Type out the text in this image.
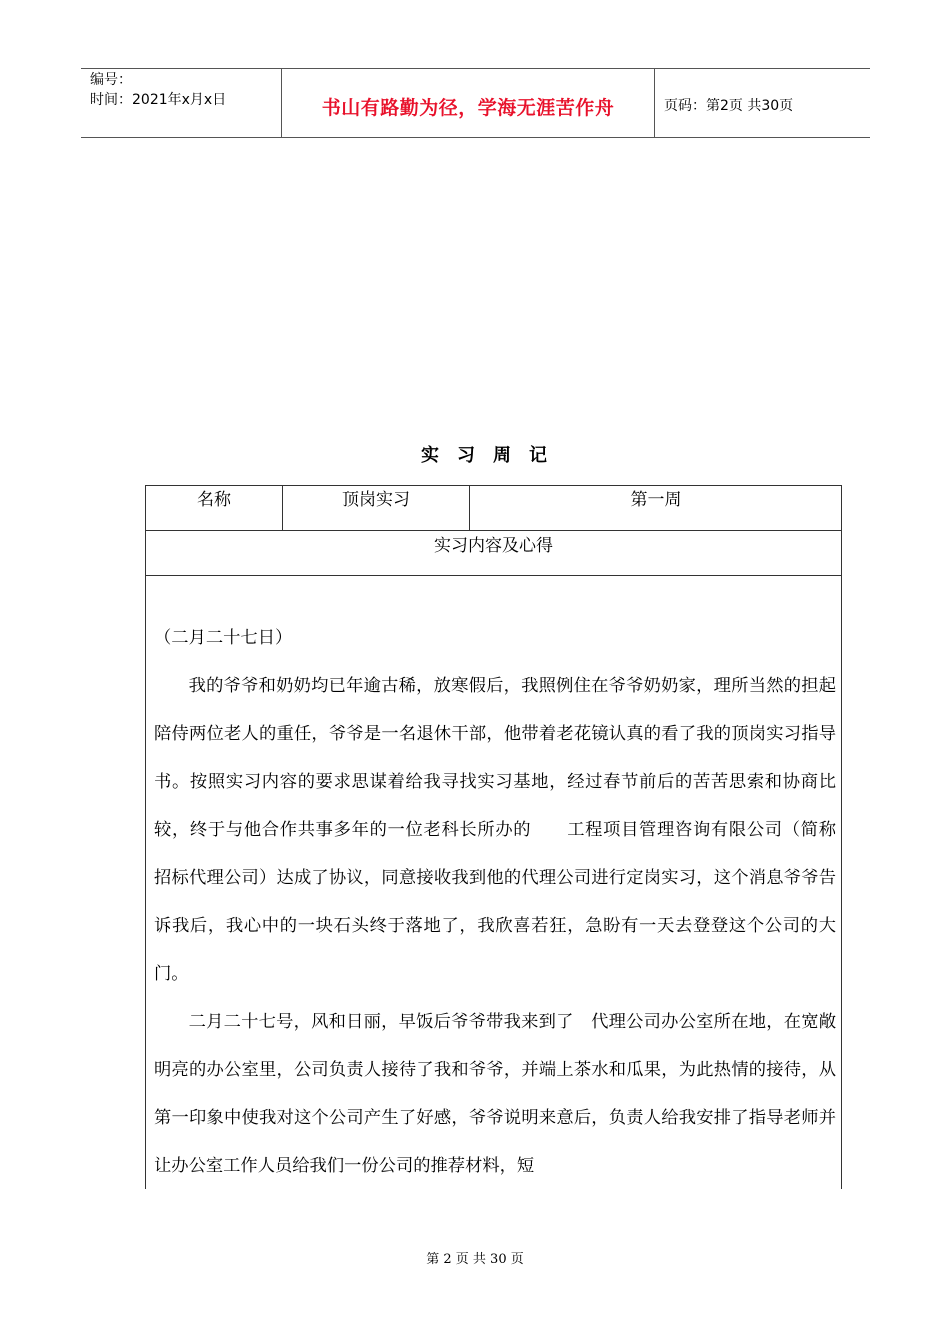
编号：
时间：2021年x月x日	书山有路勤为径，学海无涯苦作舟	页码：第2页 共30页
实习周记
名称	顶岗实习	第一周
实习内容及心得

（二月二十七日）

我的爷爷和奶奶均已年逾古稀，放寒假后，我照例住在爷爷奶奶家，理所当然的担起陪侍两位老人的重任，爷爷是一名退休干部，他带着老花镜认真的看了我的顶岗实习指导书。按照实习内容的要求思谋着给我寻找实习基地，经过春节前后的苦苦思索和协商比较，终于与他合作共事多年的一位老科长所办的　　工程项目管理咨询有限公司（简称　招标代理公司）达成了协议，同意接收我到他的代理公司进行定岗实习，这个消息爷爷告诉我后，我心中的一块石头终于落地了，我欣喜若狂，急盼有一天去登登这个公司的大门。

二月二十七号，风和日丽，早饭后爷爷带我来到了　代理公司办公室所在地，在宽敞明亮的办公室里，公司负责人接待了我和爷爷，并端上茶水和瓜果，为此热情的接待，从第一印象中使我对这个公司产生了好感，爷爷说明来意后，负责人给我安排了指导老师并让办公室工作人员给我们一份公司的推荐材料，短

第 2 页 共 30 页
